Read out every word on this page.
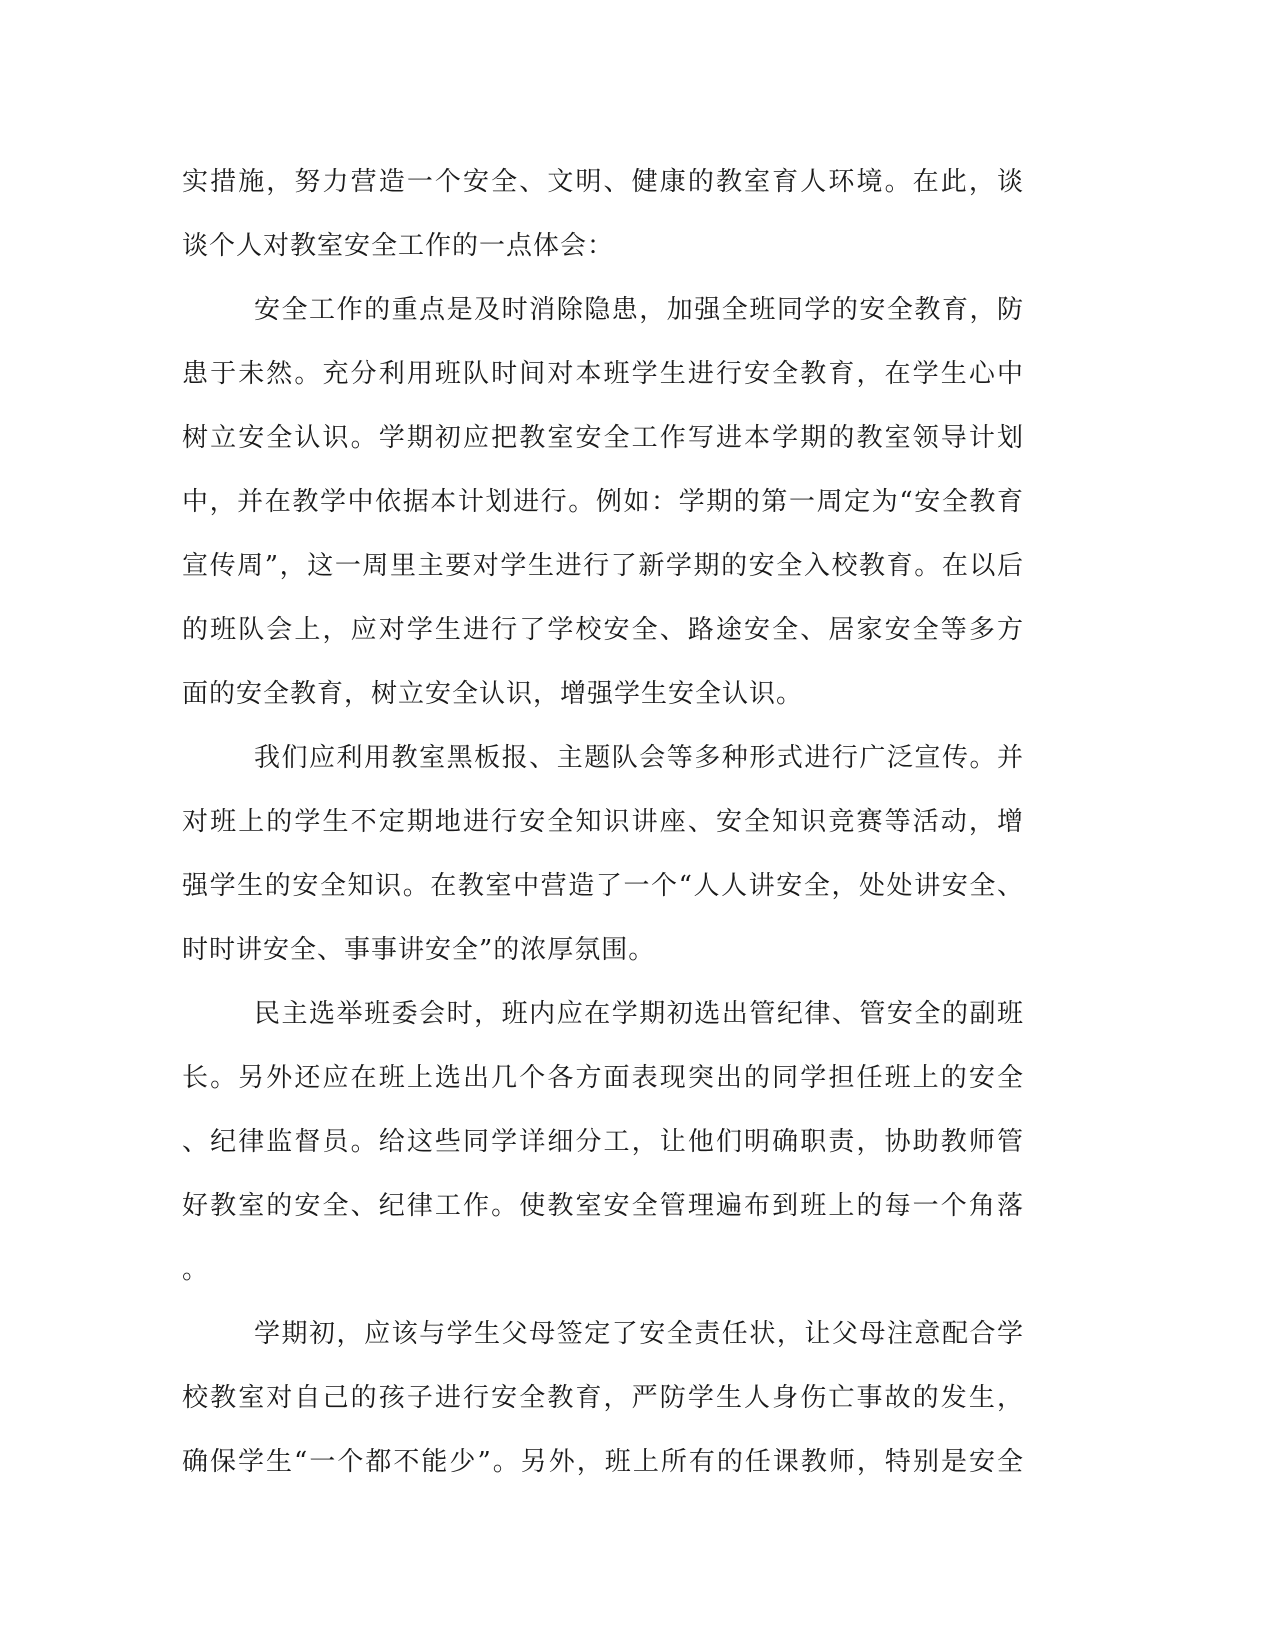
实措施，努力营造一个安全、文明、健康的教室育人环境。在此，谈
谈个人对教室安全工作的一点体会：
安全工作的重点是及时消除隐患，加强全班同学的安全教育，防
患于未然。充分利用班队时间对本班学生进行安全教育，在学生心中
树立安全认识。学期初应把教室安全工作写进本学期的教室领导计划
中，并在教学中依据本计划进行。例如：学期的第一周定为“安全教育
宣传周”，这一周里主要对学生进行了新学期的安全入校教育。在以后
的班队会上，应对学生进行了学校安全、路途安全、居家安全等多方
面的安全教育，树立安全认识，增强学生安全认识。
我们应利用教室黑板报、主题队会等多种形式进行广泛宣传。并
对班上的学生不定期地进行安全知识讲座、安全知识竞赛等活动，增
强学生的安全知识。在教室中营造了一个“人人讲安全，处处讲安全、
时时讲安全、事事讲安全”的浓厚氛围。
民主选举班委会时，班内应在学期初选出管纪律、管安全的副班
长。另外还应在班上选出几个各方面表现突出的同学担任班上的安全
、纪律监督员。给这些同学详细分工，让他们明确职责，协助教师管
好教室的安全、纪律工作。使教室安全管理遍布到班上的每一个角落
。
学期初，应该与学生父母签定了安全责任状，让父母注意配合学
校教室对自己的孩子进行安全教育，严防学生人身伤亡事故的发生，
确保学生“一个都不能少”。另外，班上所有的任课教师，特别是安全
